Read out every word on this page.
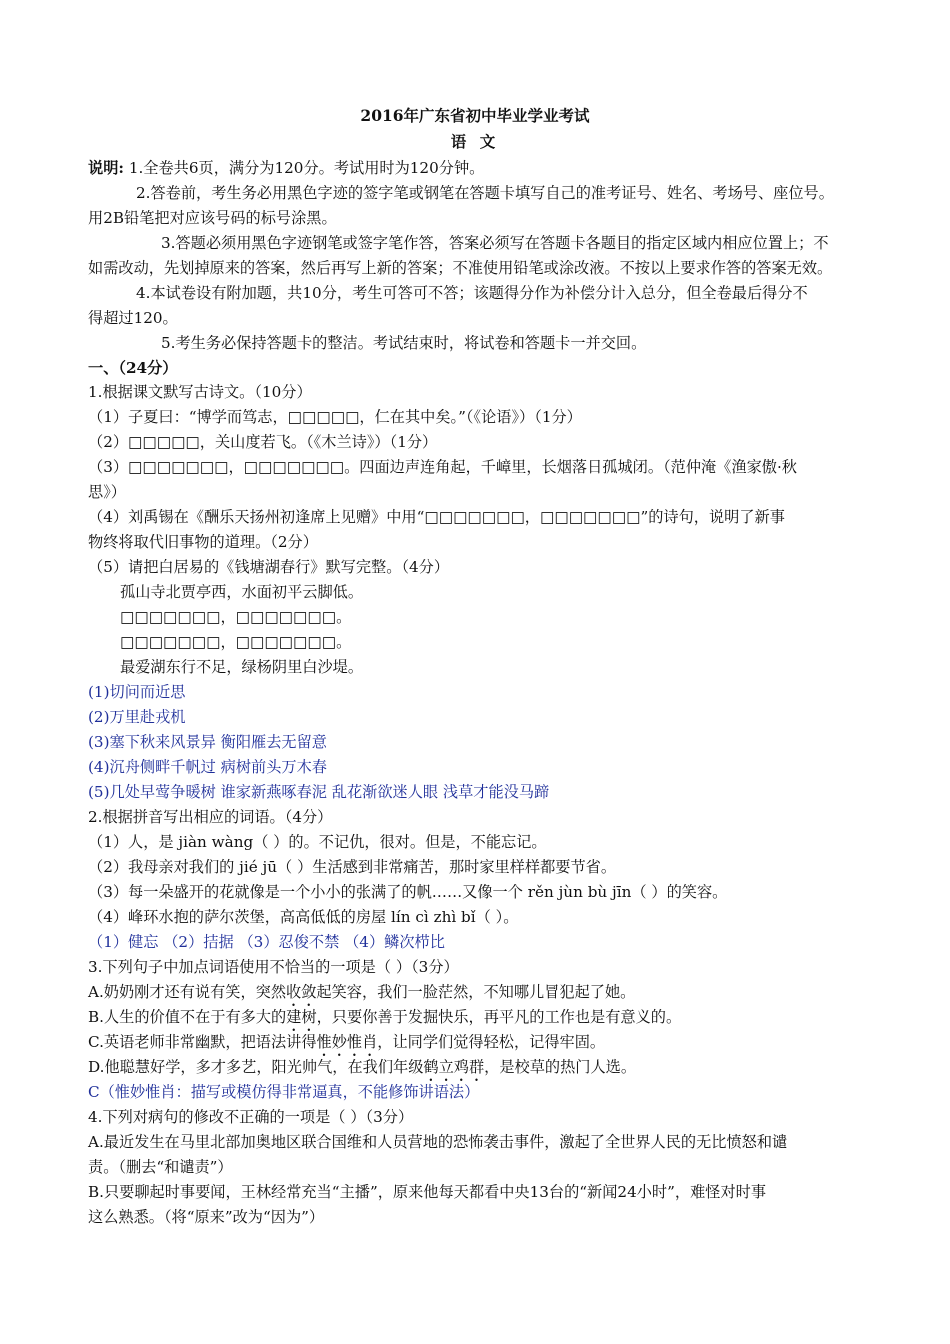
2016年广东省初中毕业学业考试
语 文
说明: 1.全卷共6页，满分为120分。考试用时为120分钟。
2.答卷前，考生务必用黑色字迹的签字笔或钢笔在答题卡填写自己的准考证号、姓名、考场号、座位号。
用2B铅笔把对应该号码的标号涂黑。
3.答题必须用黑色字迹钢笔或签字笔作答，答案必须写在答题卡各题目的指定区域内相应位置上；不
如需改动，先划掉原来的答案，然后再写上新的答案；不准使用铅笔或涂改液。不按以上要求作答的答案无效。
4.本试卷设有附加题，共10分，考生可答可不答；该题得分作为补偿分计入总分，但全卷最后得分不
得超过120。
5.考生务必保持答题卡的整洁。考试结束时，将试卷和答题卡一并交回。
一、（24分）
1.根据课文默写古诗文。（10分）
（1）子夏曰：“博学而笃志，□□□□□，仁在其中矣。”（《论语》）（1分）
（2）□□□□□，关山度若飞。（《木兰诗》）（1分）
（3）□□□□□□□，□□□□□□□。四面边声连角起，千嶂里，长烟落日孤城闭。（范仲淹《渔家傲·秋
思》）
（4）刘禹锡在《酬乐天扬州初逢席上见赠》中用“□□□□□□□，□□□□□□□”的诗句，说明了新事
物终将取代旧事物的道理。（2分）
（5）请把白居易的《钱塘湖春行》默写完整。（4分）
孤山寺北贾亭西，水面初平云脚低。
□□□□□□□，□□□□□□□。
□□□□□□□，□□□□□□□。
最爱湖东行不足，绿杨阴里白沙堤。
(1)切问而近思
(2)万里赴戎机
(3)塞下秋来风景异 衡阳雁去无留意
(4)沉舟侧畔千帆过 病树前头万木春
(5)几处早莺争暖树 谁家新燕啄春泥 乱花渐欲迷人眼 浅草才能没马蹄
2.根据拼音写出相应的词语。（4分）
（1）人，是 jiàn wàng（ ）的。不记仇，很对。但是，不能忘记。
（2）我母亲对我们的 jié jū（ ）生活感到非常痛苦，那时家里样样都要节省。
（3）每一朵盛开的花就像是一个小小的张满了的帆……又像一个 rěn jùn bù jīn（ ）的笑容。
（4）峰环水抱的萨尔茨堡，高高低低的房屋 lín cì zhì bǐ（ ）。
（1）健忘 （2）拮据 （3）忍俊不禁 （4）鳞次栉比
3.下列句子中加点词语使用不恰当的一项是（ ）（3分）
A.奶奶刚才还有说有笑，突然收敛起笑容，我们一脸茫然，不知哪儿冒犯起了她。
B.人生的价值不在于有多大的建树，只要你善于发掘快乐，再平凡的工作也是有意义的。
C.英语老师非常幽默，把语法讲得惟妙惟肖，让同学们觉得轻松，记得牢固。
D.他聪慧好学，多才多艺，阳光帅气，在我们年级鹤立鸡群，是校草的热门人选。
C（惟妙惟肖：描写或模仿得非常逼真，不能修饰讲语法）
4.下列对病句的修改不正确的一项是（ ）（3分）
A.最近发生在马里北部加奥地区联合国维和人员营地的恐怖袭击事件，激起了全世界人民的无比愤怒和谴
责。（删去“和谴责”）
B.只要聊起时事要闻，王林经常充当“主播”，原来他每天都看中央13台的“新闻24小时”，难怪对时事
这么熟悉。（将“原来”改为“因为”）
